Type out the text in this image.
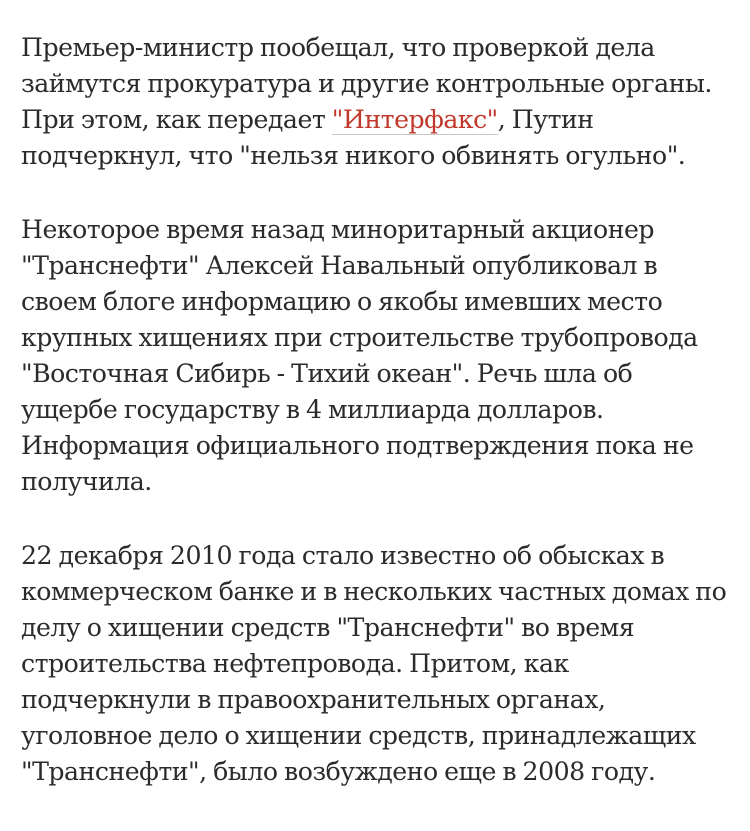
Премьер-министр пообещал, что проверкой дела займутся прокуратура и другие контрольные органы. При этом, как передает "Интерфакс", Путин подчеркнул, что "нельзя никого обвинять огульно".

Некоторое время назад миноритарный акционер "Транснефти" Алексей Навальный опубликовал в своем блоге информацию о якобы имевших место крупных хищениях при строительстве трубопровода "Восточная Сибирь - Тихий океан". Речь шла об ущербе государству в 4 миллиарда долларов. Информация официального подтверждения пока не получила.

22 декабря 2010 года стало известно об обысках в коммерческом банке и в нескольких частных домах по делу о хищении средств "Транснефти" во время строительства нефтепровода. Притом, как подчеркнули в правоохранительных органах, уголовное дело о хищении средств, принадлежащих "Транснефти", было возбуждено еще в 2008 году.
